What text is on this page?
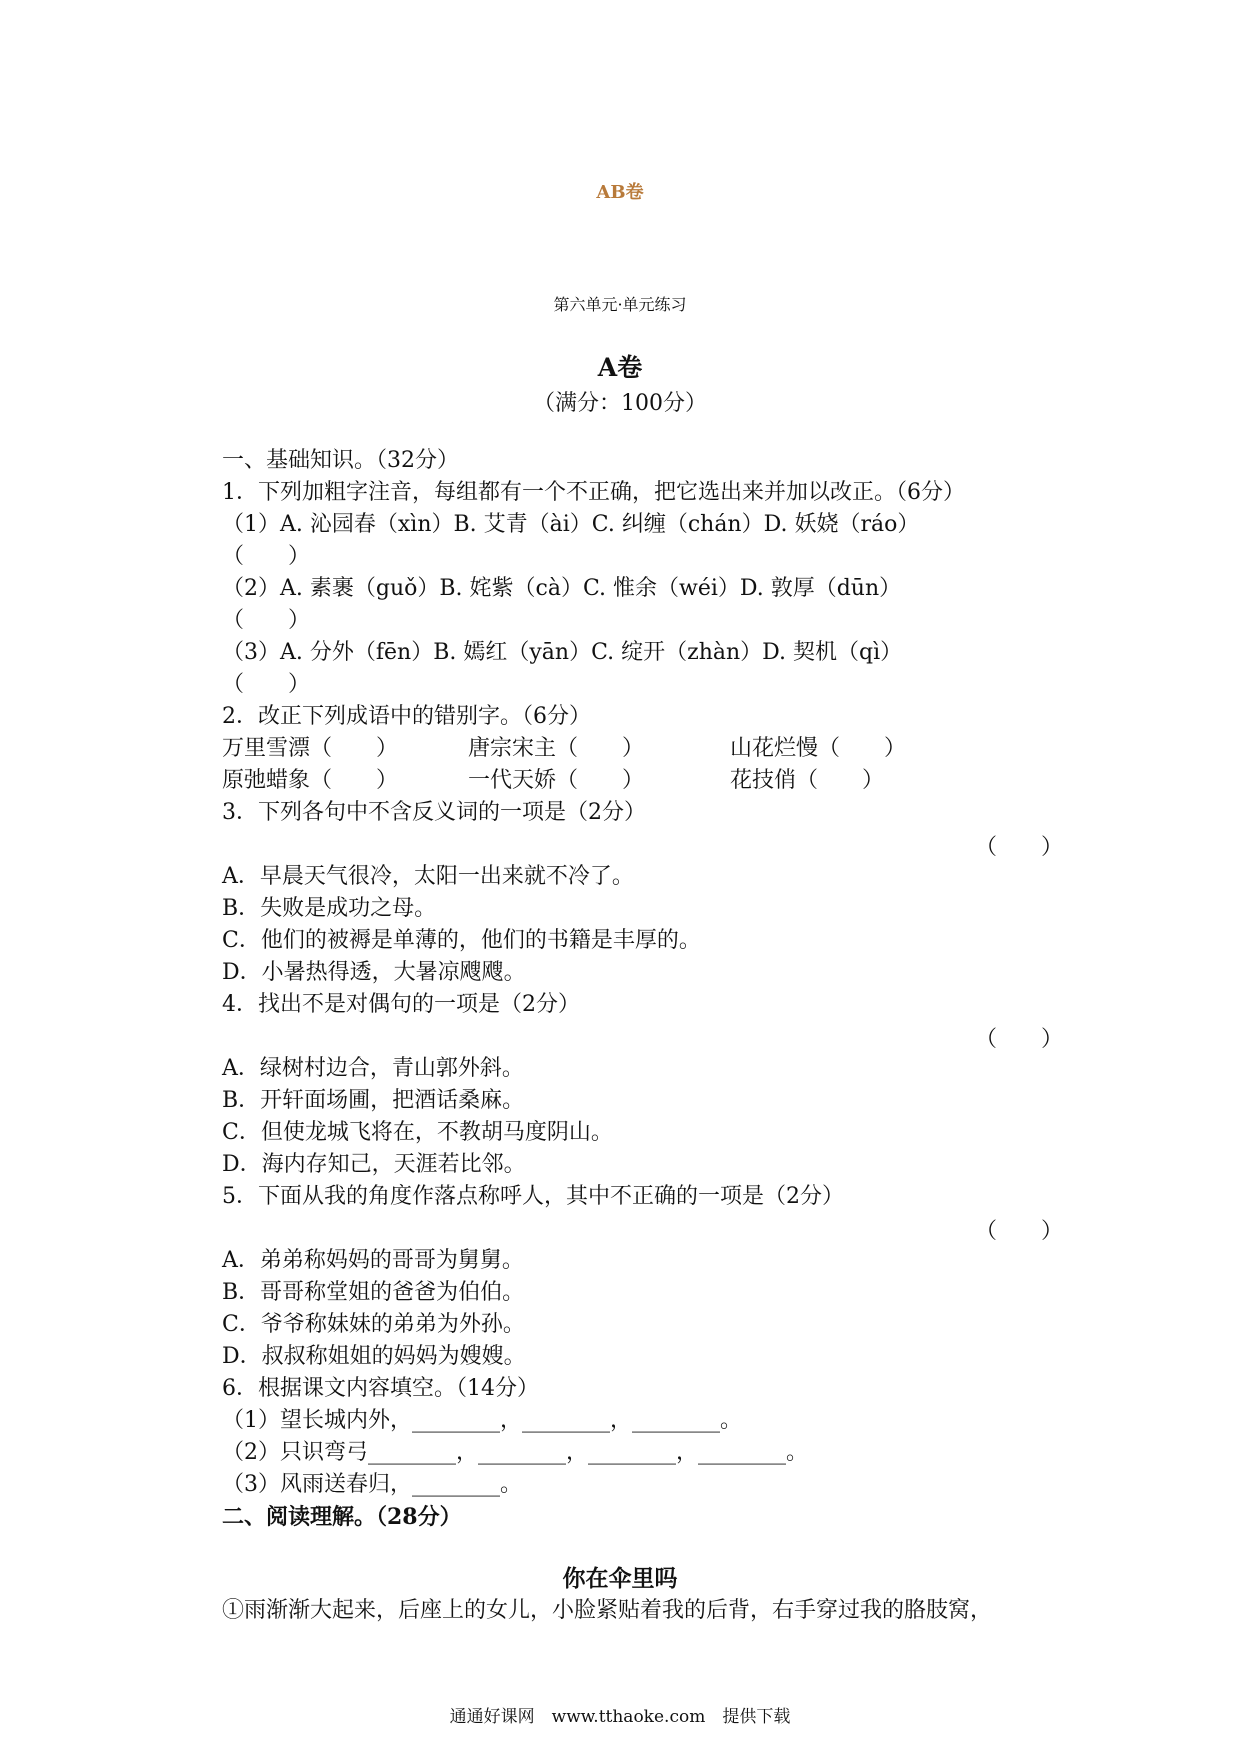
AB卷
第六单元·单元练习
A卷
（满分：100分）
一、基础知识。（32分）
1．下列加粗字注音，每组都有一个不正确，把它选出来并加以改正。（6分）
（1）A. 沁园春（xìn）B. 艾青（ài）C. 纠缠（chán）D. 妖娆（ráo）
（　　）
（2）A. 素裹（guǒ）B. 姹紫（cà）C. 惟余（wéi）D. 敦厚（dūn）
（　　）
（3）A. 分外（fēn）B. 嫣红（yān）C. 绽开（zhàn）D. 契机（qì）
（　　）
2．改正下列成语中的错别字。（6分）
万里雪漂（　　）	唐宗宋主（　　）	山花烂慢（　　）
原弛蜡象（　　）	一代天娇（　　）	花技俏（　　）
3．下列各句中不含反义词的一项是（2分）
（　　）
A．早晨天气很冷，太阳一出来就不冷了。
B．失败是成功之母。
C．他们的被褥是单薄的，他们的书籍是丰厚的。
D．小暑热得透，大暑凉飕飕。
4．找出不是对偶句的一项是（2分）
（　　）
A．绿树村边合，青山郭外斜。
B．开轩面场圃，把酒话桑麻。
C．但使龙城飞将在，不教胡马度阴山。
D．海内存知己，天涯若比邻。
5．下面从我的角度作落点称呼人，其中不正确的一项是（2分）
（　　）
A．弟弟称妈妈的哥哥为舅舅。
B．哥哥称堂姐的爸爸为伯伯。
C．爷爷称妹妹的弟弟为外孙。
D．叔叔称姐姐的妈妈为嫂嫂。
6．根据课文内容填空。（14分）
（1）望长城内外，________，________，________。
（2）只识弯弓________，________，________，________。
（3）风雨送春归，________。
二、阅读理解。（28分）
你在伞里吗
①雨渐渐大起来，后座上的女儿，小脸紧贴着我的后背，右手穿过我的胳肢窝，
通通好课网　www.tthaoke.com　提供下载
